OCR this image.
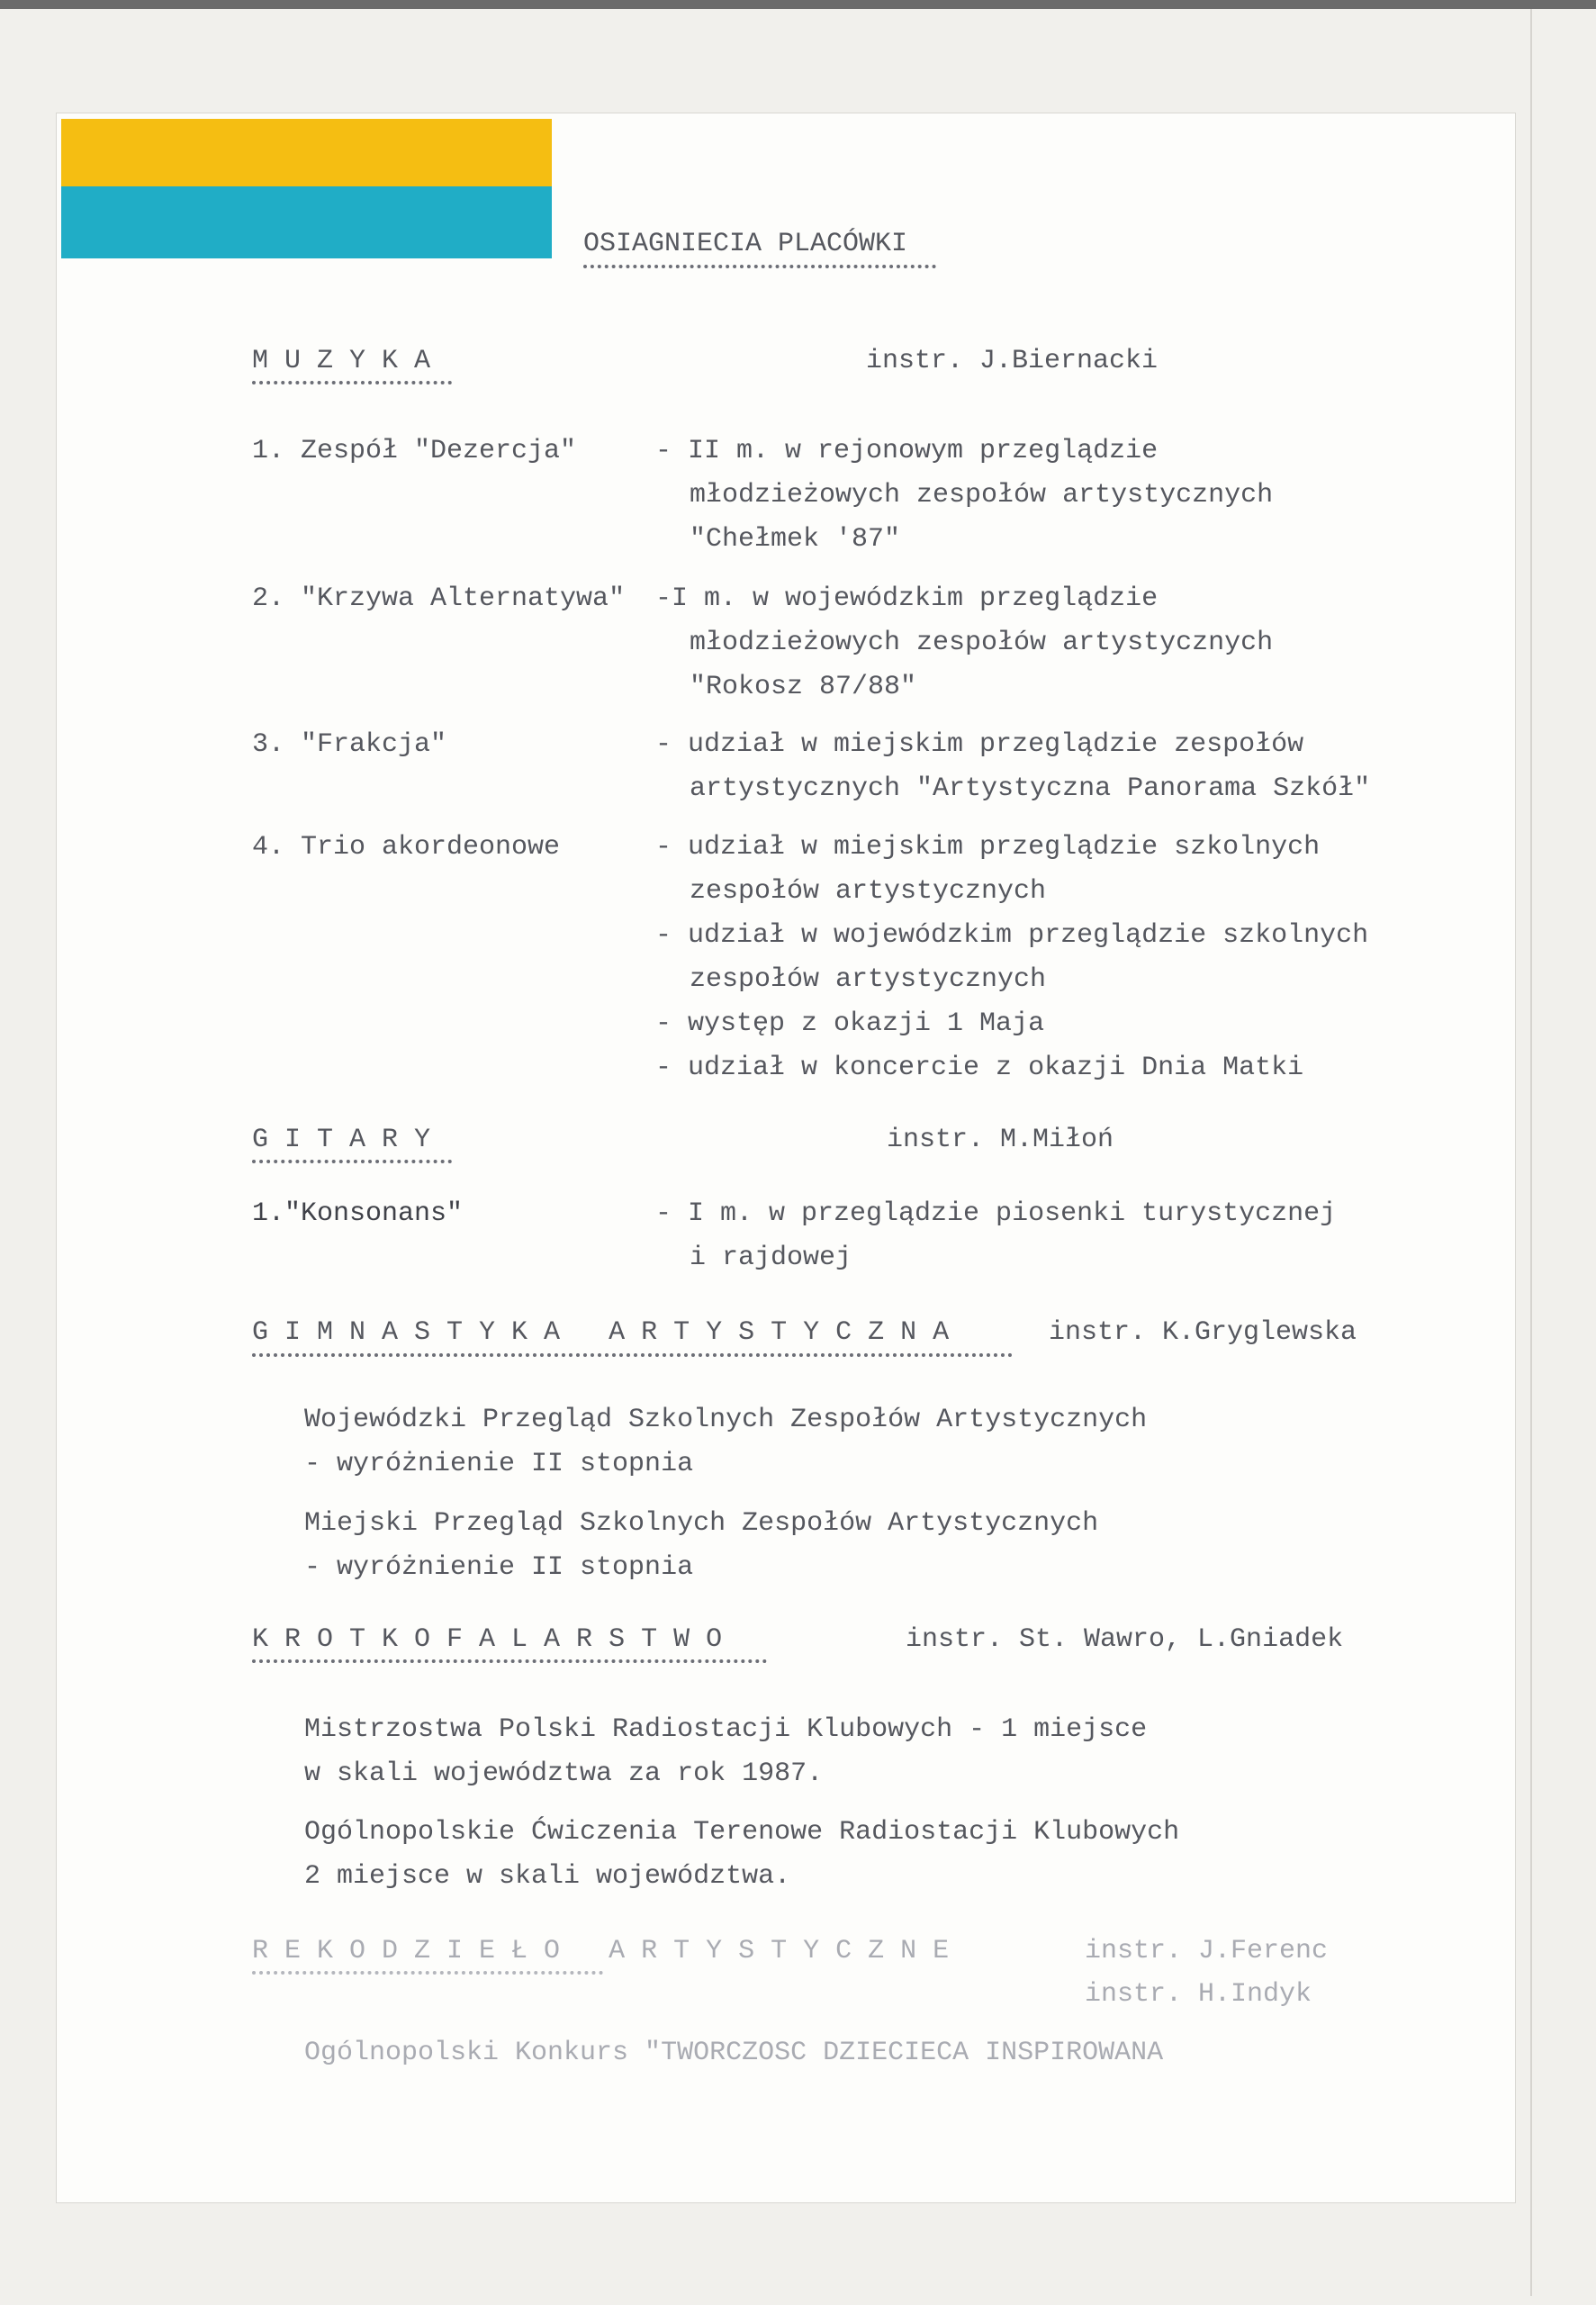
OSIAGNIECIA PLACÓWKI
M U Z Y K A	instr. J.Biernacki
1. Zespół "Dezercja"	- II m. w rejonowym przeglądzie
młodzieżowych zespołów artystycznych
"Chełmek '87"
2. "Krzywa Alternatywa" -I m. w wojewódzkim przeglądzie
młodzieżowych zespołów artystycznych
"Rokosz 87/88"
3. "Frakcja"	- udział w miejskim przeglądzie zespołów
artystycznych "Artystyczna Panorama Szkół"
4. Trio akordeonowe	- udział w miejskim przeglądzie szkolnych
zespołów artystycznych
- udział w wojewódzkim przeglądzie szkolnych
zespołów artystycznych
- występ z okazji 1 Maja
- udział w koncercie z okazji Dnia Matki
G I T A R Y	instr. M.Miłoń
1."Konsonans"	- I m. w przeglądzie piosenki turystycznej
i rajdowej
G I M N A S T Y K A   A R T Y S T Y C Z N A	instr. K.Gryglewska
Wojewódzki Przegląd Szkolnych Zespołów Artystycznych
- wyróżnienie II stopnia
Miejski Przegląd Szkolnych Zespołów Artystycznych
- wyróżnienie II stopnia
K R O T K O F A L A R S T W O	instr. St. Wawro, L.Gniadek
Mistrzostwa Polski Radiostacji Klubowych - 1 miejsce
w skali województwa za rok 1987.
Ogólnopolskie Ćwiczenia Terenowe Radiostacji Klubowych
2 miejsce w skali województwa.
R E K O D Z I E Ł O   A R T Y S T Y C Z N E	instr. J.Ferenc
instr. H.Indyk
Ogólnopolski Konkurs "TWORCZOSC DZIECIECA INSPIROWANA
